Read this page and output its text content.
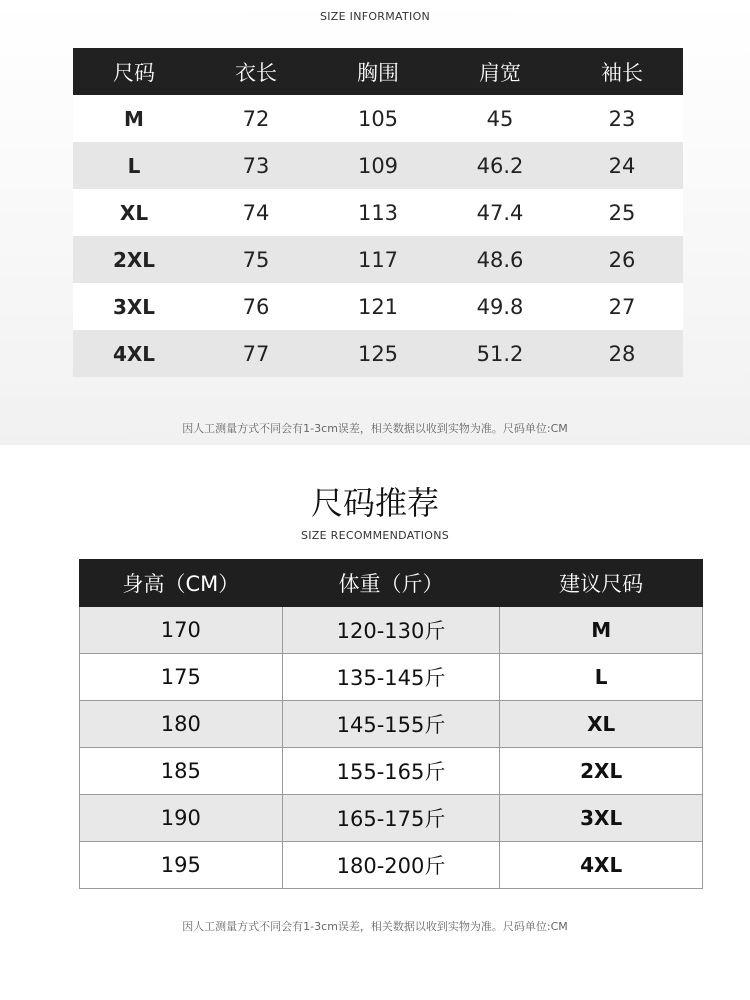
SIZE INFORMATION
尺码	衣长	胸围	肩宽	袖长
M	72	105	45	23
L	73	109	46.2	24
XL	74	113	47.4	25
2XL	75	117	48.6	26
3XL	76	121	49.8	27
4XL	77	125	51.2	28
因人工测量方式不同会有1-3cm误差，相关数据以收到实物为准。尺码单位:CM
尺码推荐
SIZE RECOMMENDATIONS
身高（CM）	体重（斤）	建议尺码
170	120-130斤	M
175	135-145斤	L
180	145-155斤	XL
185	155-165斤	2XL
190	165-175斤	3XL
195	180-200斤	4XL
因人工测量方式不同会有1-3cm误差，相关数据以收到实物为准。尺码单位:CM
